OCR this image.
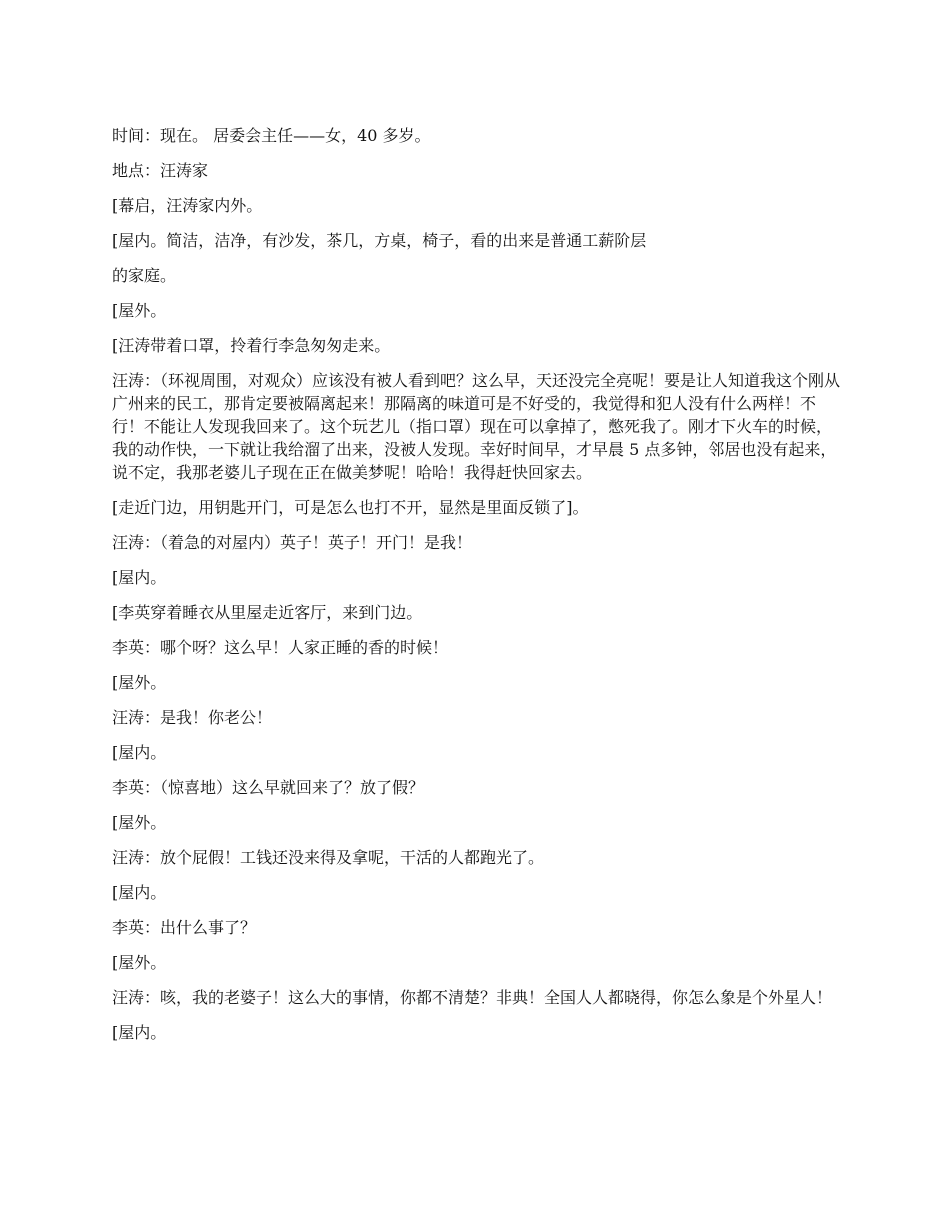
时间：现在。 居委会主任——女，40 多岁。

地点：汪涛家

[幕启，汪涛家内外。

[屋内。简洁，洁净，有沙发，茶几，方桌，椅子，看的出来是普通工薪阶层

的家庭。

[屋外。

[汪涛带着口罩，拎着行李急匆匆走来。

汪涛：（环视周围，对观众）应该没有被人看到吧？这么早，天还没完全亮呢！要是让人知道我这个刚从广州来的民工，那肯定要被隔离起来！那隔离的味道可是不好受的，我觉得和犯人没有什么两样！不行！不能让人发现我回来了。这个玩艺儿（指口罩）现在可以拿掉了，憋死我了。刚才下火车的时候，我的动作快，一下就让我给溜了出来，没被人发现。幸好时间早，才早晨 5 点多钟，邻居也没有起来，说不定，我那老婆儿子现在正在做美梦呢！哈哈！我得赶快回家去。

[走近门边，用钥匙开门，可是怎么也打不开，显然是里面反锁了]。

汪涛：（着急的对屋内）英子！英子！开门！是我！

[屋内。

[李英穿着睡衣从里屋走近客厅，来到门边。

李英：哪个呀？这么早！人家正睡的香的时候！

[屋外。

汪涛：是我！你老公！

[屋内。

李英：（惊喜地）这么早就回来了？放了假？

[屋外。

汪涛：放个屁假！工钱还没来得及拿呢，干活的人都跑光了。

[屋内。

李英：出什么事了？

[屋外。

汪涛：咳，我的老婆子！这么大的事情，你都不清楚？非典！全国人人都晓得，你怎么象是个外星人！

[屋内。
